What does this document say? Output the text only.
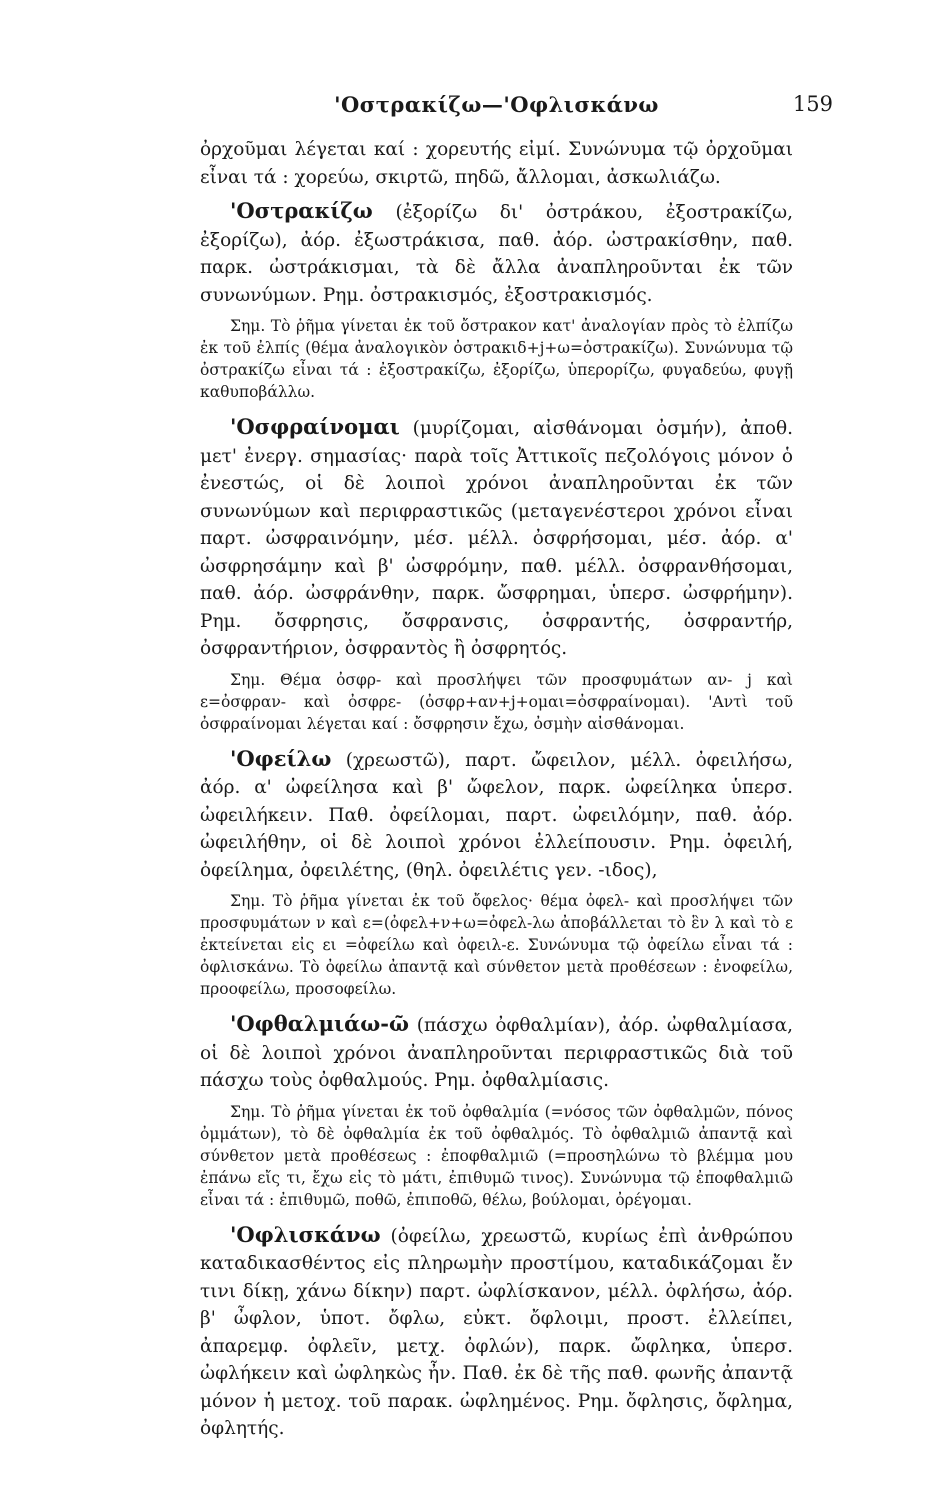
'Οστρακίζω—'Οφλισκάνω	159

ὀρχοῦμαι λέγεται καί : χορευτής εἰμί. Συνώνυμα τῷ ὀρχοῦμαι εἶναι τά : χορεύω, σκιρτῶ, πηδῶ, ἄλλομαι, ἀσκωλιάζω.

'Οστρακίζω (ἐξορίζω δι' ὀστράκου, ἐξοστρακίζω, ἐξορίζω), ἀόρ. ἐξωστράκισα, παθ. ἀόρ. ὠστρακίσθην, παθ. παρκ. ὠστράκισμαι, τὰ δὲ ἄλλα ἀναπληροῦνται ἐκ τῶν συνωνύμων. Ρημ. ὀστρακισμός, ἐξοστρακισμός.

Σημ. Τὸ ῥῆμα γίνεται ἐκ τοῦ ὄστρακον κατ' ἀναλογίαν πρὸς τὸ ἐλπίζω ἐκ τοῦ ἐλπίς (θέμα ἀναλογικὸν ὀστρακιδ+j+ω=ὀστρακίζω). Συνώνυμα τῷ ὀστρακίζω εἶναι τά : ἐξοστρακίζω, ἐξορίζω, ὑπερορίζω, φυγαδεύω, φυγῇ καθυποβάλλω.

'Οσφραίνομαι (μυρίζομαι, αἰσθάνομαι ὀσμήν), ἀποθ. μετ' ἐνεργ. σημασίας· παρὰ τοῖς Ἀττικοῖς πεζολόγοις μόνον ὁ ἐνεστώς, οἱ δὲ λοιποὶ χρόνοι ἀναπληροῦνται ἐκ τῶν συνωνύμων καὶ περιφραστικῶς (μεταγενέστεροι χρόνοι εἶναι παρτ. ὠσφραινόμην, μέσ. μέλλ. ὀσφρήσομαι, μέσ. ἀόρ. α' ὠσφρησάμην καὶ β' ὠσφρόμην, παθ. μέλλ. ὀσφρανθήσομαι, παθ. ἀόρ. ὠσφράνθην, παρκ. ὤσφρημαι, ὑπερσ. ὠσφρήμην). Ρημ. ὄσφρησις, ὄσφρανσις, ὀσφραντής, ὀσφραντήρ, ὀσφραντήριον, ὀσφραντὸς ἢ ὀσφρητός.

Σημ. Θέμα ὀσφρ- καὶ προσλήψει τῶν προσφυμάτων αν- j καὶ ε=ὀσφραν- καὶ ὀσφρε- (ὀσφρ+αν+j+ομαι=ὀσφραίνομαι). 'Αντὶ τοῦ ὀσφραίνομαι λέγεται καί : ὄσφρησιν ἔχω, ὀσμὴν αἰσθάνομαι.

'Οφείλω (χρεωστῶ), παρτ. ὤφειλον, μέλλ. ὀφειλήσω, ἀόρ. α' ὠφείλησα καὶ β' ὤφελον, παρκ. ὠφείληκα ὑπερσ. ὠφειλήκειν. Παθ. ὀφείλομαι, παρτ. ὠφειλόμην, παθ. ἀόρ. ὠφειλήθην, οἱ δὲ λοιποὶ χρόνοι ἐλλείπουσιν. Ρημ. ὀφειλή, ὀφείλημα, ὀφειλέτης, (θηλ. ὀφειλέτις γεν. -ιδος),

Σημ. Τὸ ῥῆμα γίνεται ἐκ τοῦ ὄφελος· θέμα ὀφελ- καὶ προσλήψει τῶν προσφυμάτων ν καὶ ε=(ὀφελ+ν+ω=ὀφελ-λω ἀποβάλλεται τὸ ἓν λ καὶ τὸ ε ἐκτείνεται εἰς ει =ὀφείλω καὶ ὀφειλ-ε. Συνώνυμα τῷ ὀφείλω εἶναι τά : ὀφλισκάνω. Τὸ ὀφείλω ἀπαντᾷ καὶ σύνθετον μετὰ προθέσεων : ἐνοφείλω, προοφείλω, προσοφείλω.

'Οφθαλμιάω-ῶ (πάσχω ὀφθαλμίαν), ἀόρ. ὠφθαλμίασα, οἱ δὲ λοιποὶ χρόνοι ἀναπληροῦνται περιφραστικῶς διὰ τοῦ πάσχω τοὺς ὀφθαλμούς. Ρημ. ὀφθαλμίασις.

Σημ. Τὸ ῥῆμα γίνεται ἐκ τοῦ ὀφθαλμία (=νόσος τῶν ὀφθαλμῶν, πόνος ὀμμάτων), τὸ δὲ ὀφθαλμία ἐκ τοῦ ὀφθαλμός. Τὸ ὀφθαλμιῶ ἀπαντᾷ καὶ σύνθετον μετὰ προθέσεως : ἐποφθαλμιῶ (=προσηλώνω τὸ βλέμμα μου ἐπάνω εἴς τι, ἔχω εἰς τὸ μάτι, ἐπιθυμῶ τινος). Συνώνυμα τῷ ἐποφθαλμιῶ εἶναι τά : ἐπιθυμῶ, ποθῶ, ἐπιποθῶ, θέλω, βούλομαι, ὀρέγομαι.

'Οφλισκάνω (ὀφείλω, χρεωστῶ, κυρίως ἐπὶ ἀνθρώπου καταδικασθέντος εἰς πληρωμὴν προστίμου, καταδικάζομαι ἔν τινι δίκῃ, χάνω δίκην) παρτ. ὠφλίσκανον, μέλλ. ὀφλήσω, ἀόρ. β' ὦφλον, ὑποτ. ὄφλω, εὐκτ. ὄφλοιμι, προστ. ἐλλείπει, ἀπαρεμφ. ὀφλεῖν, μετχ. ὀφλών), παρκ. ὤφληκα, ὑπερσ. ὠφλήκειν καὶ ὠφληκὼς ἦν. Παθ. ἐκ δὲ τῆς παθ. φωνῆς ἀπαντᾷ μόνον ἡ μετοχ. τοῦ παρακ. ὠφλημένος. Ρημ. ὄφλησις, ὄφλημα, ὀφλητής.
